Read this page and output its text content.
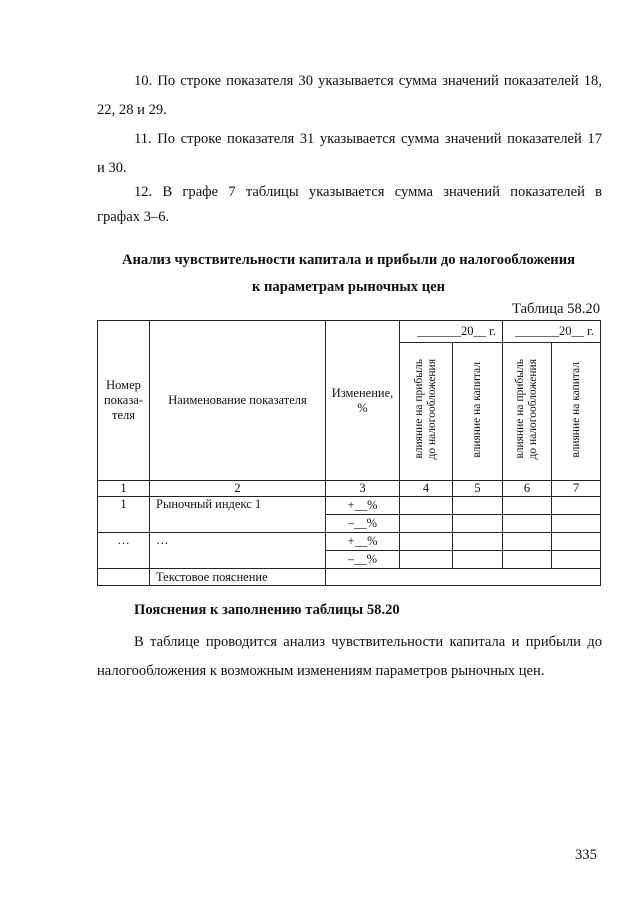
10. По строке показателя 30 указывается сумма значений показателей 18,

22, 28 и 29.

11. По строке показателя 31 указывается сумма значений показателей 17

и 30.

12. В графе 7 таблицы указывается сумма значений показателей в

графах 3–6.

Анализ чувствительности капитала и прибыли до налогообложения

к параметрам рыночных цен

Таблица 58.20
Номер показа-теля	Наименование показателя	Изменение, %	_______20__ г.		_______20__ г.	
			влияние на прибыль
до налогообложения	влияние на капитал	влияние на прибыль
до налогообложения	влияние на капитал
1	2	3	4	5	6	7
1	Рыночный индекс 1	+__%				
		–__%				
…	…	+__%				
		–__%				
	Текстовое пояснение					

Пояснения к заполнению таблицы 58.20

В таблице проводится анализ чувствительности капитала и прибыли до

налогообложения к возможным изменениям параметров рыночных цен.

335
